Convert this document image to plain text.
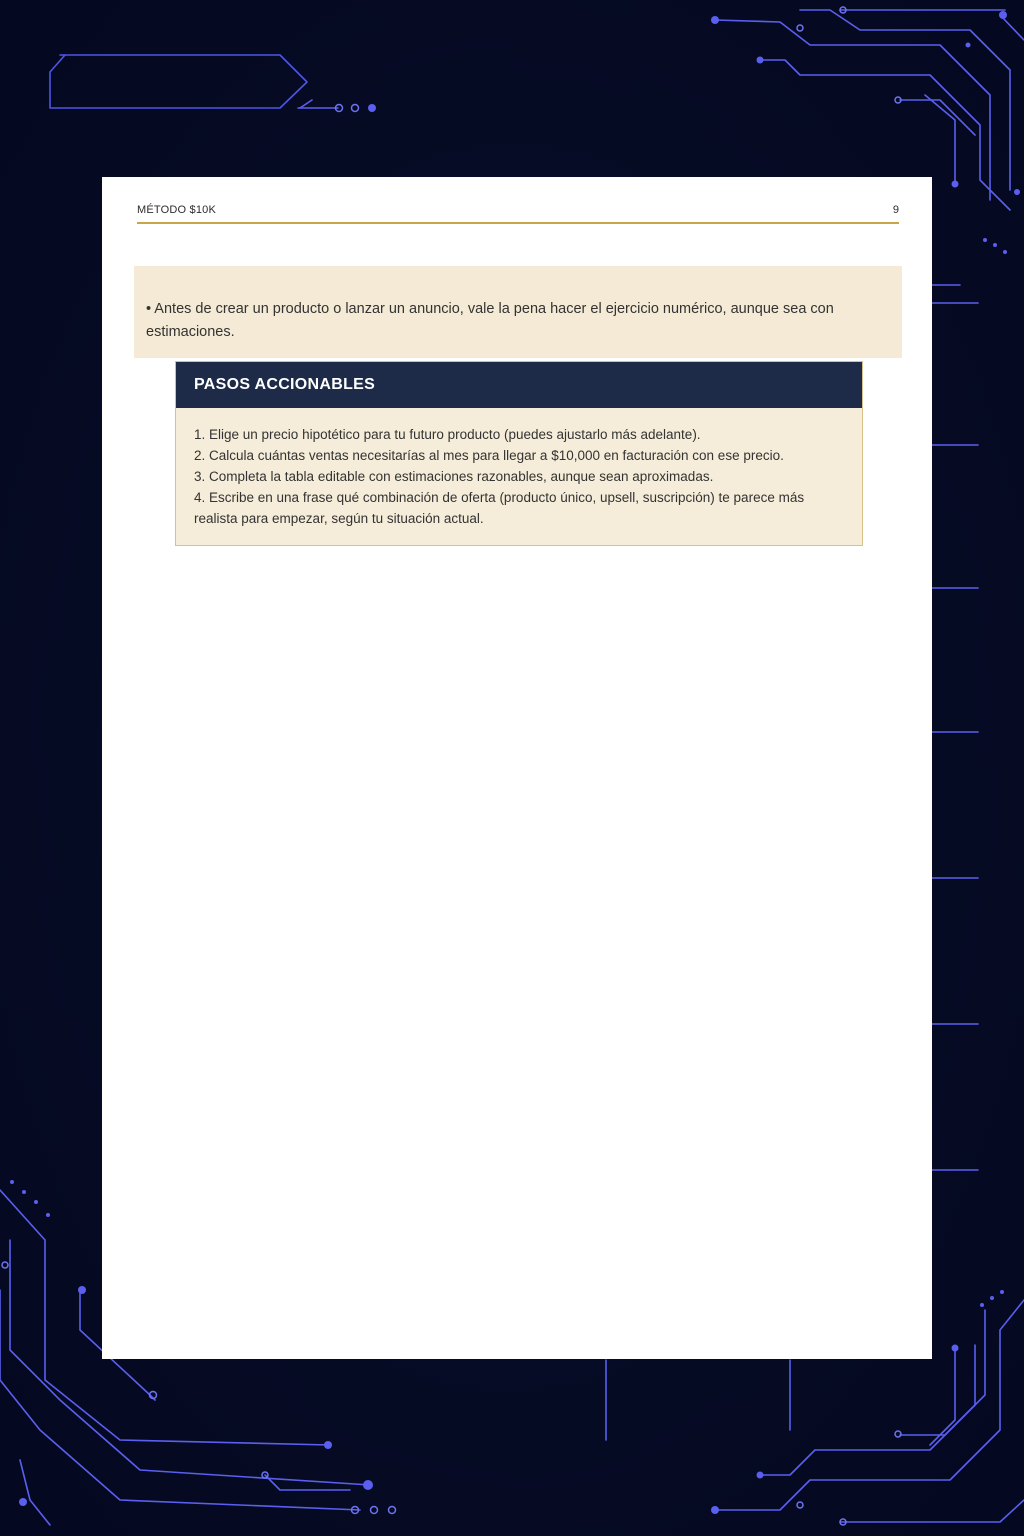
MÉTODO $10K	9
• Antes de crear un producto o lanzar un anuncio, vale la pena hacer el ejercicio numérico, aunque sea con estimaciones.
PASOS ACCIONABLES

1. Elige un precio hipotético para tu futuro producto (puedes ajustarlo más adelante).

2. Calcula cuántas ventas necesitarías al mes para llegar a $10,000 en facturación con ese precio.

3. Completa la tabla editable con estimaciones razonables, aunque sean aproximadas.

4. Escribe en una frase qué combinación de oferta (producto único, upsell, suscripción) te parece más realista para empezar, según tu situación actual.
